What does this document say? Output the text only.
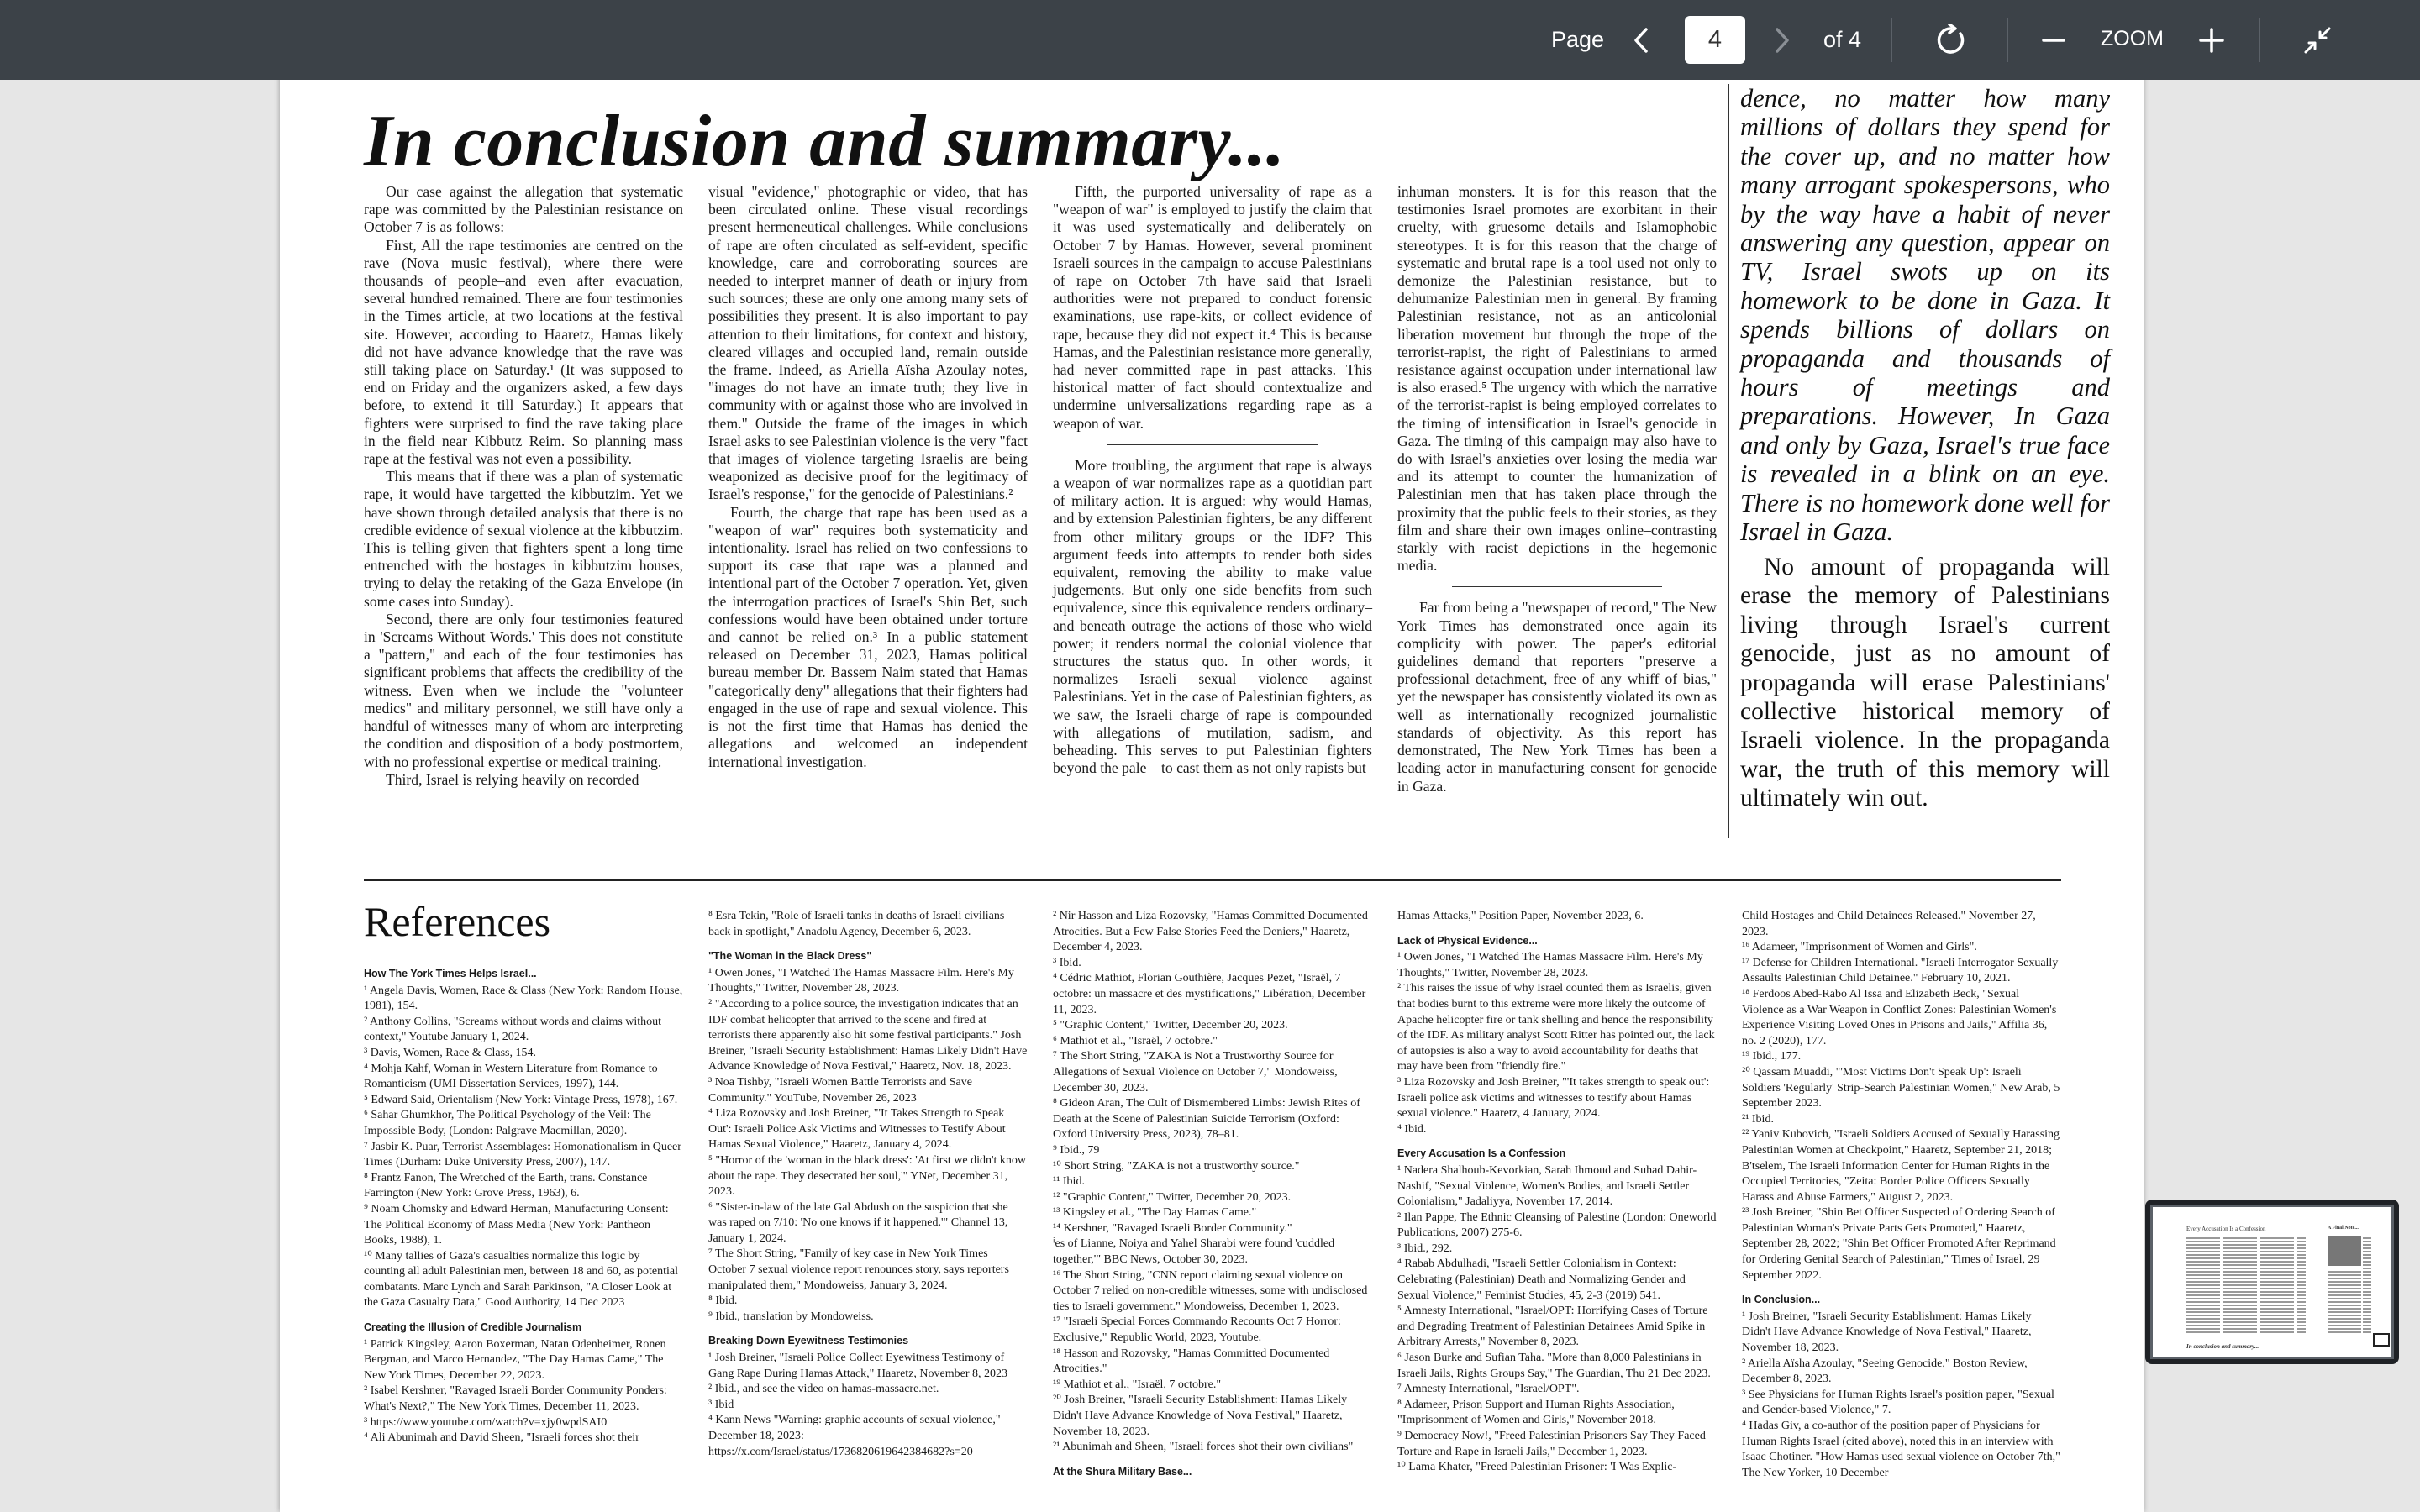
In conclusion and summary...

Our case against the allegation that systematic rape was committed by the Palestinian resistance on October 7 is as follows:

First, All the rape testimonies are centred on the rave (Nova music festival), where there were thousands of people–and even after evacuation, several hundred remained. There are four testimonies in the Times article, at two locations at the festival site. However, according to Haaretz, Hamas likely did not have advance knowledge that the rave was still taking place on Saturday.¹ (It was supposed to end on Friday and the organizers asked, a few days before, to extend it till Saturday.) It appears that fighters were surprised to find the rave taking place in the field near Kibbutz Reim. So planning mass rape at the festival was not even a possibility.

This means that if there was a plan of systematic rape, it would have targetted the kibbutzim. Yet we have shown through detailed analysis that there is no credible evidence of sexual violence at the kibbutzim. This is telling given that fighters spent a long time entrenched with the hostages in kibbutzim houses, trying to delay the retaking of the Gaza Envelope (in some cases into Sunday).

Second, there are only four testimonies featured in 'Screams Without Words.' This does not constitute a "pattern," and each of the four testimonies has significant problems that affects the credibility of the witness. Even when we include the "volunteer medics" and military personnel, we still have only a handful of witnesses–many of whom are interpreting the condition and disposition of a body postmortem, with no professional expertise or medical training.

Third, Israel is relying heavily on recorded

visual "evidence," photographic or video, that has been circulated online. These visual recordings present hermeneutical challenges. While conclusions of rape are often circulated as self-evident, specific knowledge, care and corroborating sources are needed to interpret manner of death or injury from such sources; these are only one among many sets of possibilities they present. It is also important to pay attention to their limitations, for context and history, cleared villages and occupied land, remain outside the frame. Indeed, as Ariella Aïsha Azoulay notes, "images do not have an innate truth; they live in community with or against those who are involved in them." Outside the frame of the images in which Israel asks to see Palestinian violence is the very "fact that images of violence targeting Israelis are being weaponized as decisive proof for the legitimacy of Israel's response," for the genocide of Palestinians.²

Fourth, the charge that rape has been used as a "weapon of war" requires both systematicity and intentionality. Israel has relied on two confessions to support its case that rape was a planned and intentional part of the October 7 operation. Yet, given the interrogation practices of Israel's Shin Bet, such confessions would have been obtained under torture and cannot be relied on.³ In a public statement released on December 31, 2023, Hamas political bureau member Dr. Bassem Naim stated that Hamas "categorically deny" allegations that their fighters had engaged in the use of rape and sexual violence. This is not the first time that Hamas has denied the allegations and welcomed an independent international investigation.

Fifth, the purported universality of rape as a "weapon of war" is employed to justify the claim that it was used systematically and deliberately on October 7 by Hamas. However, several prominent Israeli sources in the campaign to accuse Palestinians of rape on October 7th have said that Israeli authorities were not prepared to conduct forensic examinations, use rape-kits, or collect evidence of rape, because they did not expect it.⁴ This is because Hamas, and the Palestinian resistance more generally, had never committed rape in past attacks. This historical matter of fact should contextualize and undermine universalizations regarding rape as a weapon of war.

More troubling, the argument that rape is always a weapon of war normalizes rape as a quotidian part of military action. It is argued: why would Hamas, and by extension Palestinian fighters, be any different from other military groups—or the IDF? This argument feeds into attempts to render both sides equivalent, removing the ability to make value judgements. But only one side benefits from such equivalence, since this equivalence renders ordinary–and beneath outrage–the actions of those who wield power; it renders normal the colonial violence that structures the status quo. In other words, it normalizes Israeli sexual violence against Palestinians. Yet in the case of Palestinian fighters, as we saw, the Israeli charge of rape is compounded with allegations of mutilation, sadism, and beheading. This serves to put Palestinian fighters beyond the pale—to cast them as not only rapists but

inhuman monsters. It is for this reason that the testimonies Israel promotes are exorbitant in their cruelty, with gruesome details and Islamophobic stereotypes. It is for this reason that the charge of systematic and brutal rape is a tool used not only to demonize the Palestinian resistance, but to dehumanize Palestinian men in general. By framing Palestinian resistance, not as an anticolonial liberation movement but through the trope of the terrorist-rapist, the right of Palestinians to armed resistance against occupation under international law is also erased.⁵ The urgency with which the narrative of the terrorist-rapist is being employed correlates to the timing of intensification in Israel's genocide in Gaza. The timing of this campaign may also have to do with Israel's anxieties over losing the media war and its attempt to counter the humanization of Palestinian men that has taken place through the proximity that the public feels to their stories, as they film and share their own images online–contrasting starkly with racist depictions in the hegemonic media.

Far from being a "newspaper of record," The New York Times has demonstrated once again its complicity with power. The paper's editorial guidelines demand that reporters "preserve a professional detachment, free of any whiff of bias," yet the newspaper has consistently violated its own as well as internationally recognized journalistic standards of objectivity. As this report has demonstrated, The New York Times has been a leading actor in manufacturing consent for genocide in Gaza.

dence, no matter how many millions of dollars they spend for the cover up, and no matter how many arrogant spokespersons, who by the way have a habit of never answering any question, appear on TV, Israel swots up on its homework to be done in Gaza. It spends billions of dollars on propaganda and thousands of hours of meetings and preparations. However, In Gaza and only by Gaza, Israel's true face is revealed in a blink on an eye. There is no homework done well for Israel in Gaza.
No amount of propaganda will erase the memory of Palestinians living through Israel's current genocide, just as no amount of propaganda will erase Palestinians' collective historical memory of Israeli violence. In the propaganda war, the truth of this memory will ultimately win out.
References
How The York Times Helps Israel...
¹ Angela Davis, Women, Race & Class (New York: Random House, 1981), 154.
² Anthony Collins, "Screams without words and claims without context," Youtube January 1, 2024.
³ Davis, Women, Race & Class, 154.
⁴ Mohja Kahf, Woman in Western Literature from Romance to Romanticism (UMI Dissertation Services, 1997), 144.
⁵ Edward Said, Orientalism (New York: Vintage Press, 1978), 167.
⁶ Sahar Ghumkhor, The Political Psychology of the Veil: The Impossible Body, (London: Palgrave Macmillan, 2020).
⁷ Jasbir K. Puar, Terrorist Assemblages: Homonationalism in Queer Times (Durham: Duke University Press, 2007), 147.
⁸ Frantz Fanon, The Wretched of the Earth, trans. Constance Farrington (New York: Grove Press, 1963), 6.
⁹ Noam Chomsky and Edward Herman, Manufacturing Consent: The Political Economy of Mass Media (New York: Pantheon Books, 1988), 1.
¹⁰ Many tallies of Gaza's casualties normalize this logic by counting all adult Palestinian men, between 18 and 60, as potential combatants. Marc Lynch and Sarah Parkinson, "A Closer Look at the Gaza Casualty Data," Good Authority, 14 Dec 2023
Creating the Illusion of Credible Journalism
¹ Patrick Kingsley, Aaron Boxerman, Natan Odenheimer, Ronen Bergman, and Marco Hernandez, "The Day Hamas Came," The New York Times, December 22, 2023.
² Isabel Kershner, "Ravaged Israeli Border Community Ponders: What's Next?," The New York Times, December 11, 2023.
³ https://www.youtube.com/watch?v=xjy0wpdSAI0
⁴ Ali Abunimah and David Sheen, "Israeli forces shot their
⁸ Esra Tekin, "Role of Israeli tanks in deaths of Israeli civilians back in spotlight," Anadolu Agency, December 6, 2023.
"The Woman in the Black Dress"
¹ Owen Jones, "I Watched The Hamas Massacre Film. Here's My Thoughts," Twitter, November 28, 2023.
² "According to a police source, the investigation indicates that an IDF combat helicopter that arrived to the scene and fired at terrorists there apparently also hit some festival participants." Josh Breiner, "Israeli Security Establishment: Hamas Likely Didn't Have Advance Knowledge of Nova Festival," Haaretz, Nov. 18, 2023.
³ Noa Tishby, "Israeli Women Battle Terrorists and Save Community." YouTube, November 26, 2023
⁴ Liza Rozovsky and Josh Breiner, "'It Takes Strength to Speak Out': Israeli Police Ask Victims and Witnesses to Testify About Hamas Sexual Violence," Haaretz, January 4, 2024.
⁵ "Horror of the 'woman in the black dress': 'At first we didn't know about the rape. They desecrated her soul,'" YNet, December 31, 2023.
⁶ "Sister-in-law of the late Gal Abdush on the suspicion that she was raped on 7/10: 'No one knows if it happened.'" Channel 13, January 1, 2024.
⁷ The Short String, "Family of key case in New York Times October 7 sexual violence report renounces story, says reporters manipulated them," Mondoweiss, January 3, 2024.
⁸ Ibid.
⁹ Ibid., translation by Mondoweiss.
Breaking Down Eyewitness Testimonies
¹ Josh Breiner, "Israeli Police Collect Eyewitness Testimony of Gang Rape During Hamas Attack," Haaretz, November 8, 2023
² Ibid., and see the video on hamas-massacre.net.
³ Ibid
⁴ Kann News "Warning: graphic accounts of sexual violence," December 18, 2023: https://x.com/Israel/status/1736820619642384682?s=20
² Nir Hasson and Liza Rozovsky, "Hamas Committed Documented Atrocities. But a Few False Stories Feed the Deniers," Haaretz, December 4, 2023.
³ Ibid.
⁴ Cédric Mathiot, Florian Gouthière, Jacques Pezet, "Israël, 7 octobre: un massacre et des mystifications," Libération, December 11, 2023.
⁵ "Graphic Content," Twitter, December 20, 2023.
⁶ Mathiot et al., "Israël, 7 octobre."
⁷ The Short String, "ZAKA is Not a Trustworthy Source for Allegations of Sexual Violence on October 7," Mondoweiss, December 30, 2023.
⁸ Gideon Aran, The Cult of Dismembered Limbs: Jewish Rites of Death at the Scene of Palestinian Suicide Terrorism (Oxford: Oxford University Press, 2023), 78–81.
⁹ Ibid., 79
¹⁰ Short String, "ZAKA is not a trustworthy source."
¹¹ Ibid.
¹² "Graphic Content," Twitter, December 20, 2023.
¹³ Kingsley et al., "The Day Hamas Came."
¹⁴ Kershner, "Ravaged Israeli Border Community."
ⁱes of Lianne, Noiya and Yahel Sharabi were found 'cuddled together,'" BBC News, October 30, 2023.
¹⁶ The Short String, "CNN report claiming sexual violence on October 7 relied on non-credible witnesses, some with undisclosed ties to Israeli government." Mondoweiss, December 1, 2023.
¹⁷ "Israeli Special Forces Commando Recounts Oct 7 Horror: Exclusive," Republic World, 2023, Youtube.
¹⁸ Hasson and Rozovsky, "Hamas Committed Documented Atrocities."
¹⁹ Mathiot et al., "Israël, 7 octobre."
²⁰ Josh Breiner, "Israeli Security Establishment: Hamas Likely Didn't Have Advance Knowledge of Nova Festival," Haaretz, November 18, 2023.
²¹ Abunimah and Sheen, "Israeli forces shot their own civilians"
At the Shura Military Base...
Hamas Attacks," Position Paper, November 2023, 6.
Lack of Physical Evidence...
¹ Owen Jones, "I Watched The Hamas Massacre Film. Here's My Thoughts," Twitter, November 28, 2023.
² This raises the issue of why Israel counted them as Israelis, given that bodies burnt to this extreme were more likely the outcome of Apache helicopter fire or tank shelling and hence the responsibility of the IDF. As military analyst Scott Ritter has pointed out, the lack of autopsies is also a way to avoid accountability for deaths that may have been from "friendly fire."
³ Liza Rozovsky and Josh Breiner, "'It takes strength to speak out': Israeli police ask victims and witnesses to testify about Hamas sexual violence." Haaretz, 4 January, 2024.
⁴ Ibid.
Every Accusation Is a Confession
¹ Nadera Shalhoub-Kevorkian, Sarah Ihmoud and Suhad Dahir-Nashif, "Sexual Violence, Women's Bodies, and Israeli Settler Colonialism," Jadaliyya, November 17, 2014.
² Ilan Pappe, The Ethnic Cleansing of Palestine (London: Oneworld Publications, 2007) 275-6.
³ Ibid., 292.
⁴ Rabab Abdulhadi, "Israeli Settler Colonialism in Context: Celebrating (Palestinian) Death and Normalizing Gender and Sexual Violence," Feminist Studies, 45, 2-3 (2019) 541.
⁵ Amnesty International, "Israel/OPT: Horrifying Cases of Torture and Degrading Treatment of Palestinian Detainees Amid Spike in Arbitrary Arrests," November 8, 2023.
⁶ Jason Burke and Sufian Taha. "More than 8,000 Palestinians in Israeli Jails, Rights Groups Say," The Guardian, Thu 21 Dec 2023.
⁷ Amnesty International, "Israel/OPT".
⁸ Adameer, Prison Support and Human Rights Association, "Imprisonment of Women and Girls," November 2018.
⁹ Democracy Now!, "Freed Palestinian Prisoners Say They Faced Torture and Rape in Israeli Jails," December 1, 2023.
¹⁰ Lama Khater, "Freed Palestinian Prisoner: 'I Was Explic-
Child Hostages and Child Detainees Released." November 27, 2023.
¹⁶ Adameer, "Imprisonment of Women and Girls".
¹⁷ Defense for Children International. "Israeli Interrogator Sexually Assaults Palestinian Child Detainee." February 10, 2021.
¹⁸ Ferdoos Abed-Rabo Al Issa and Elizabeth Beck, "Sexual Violence as a War Weapon in Conflict Zones: Palestinian Women's Experience Visiting Loved Ones in Prisons and Jails," Affilia 36, no. 2 (2020), 177.
¹⁹ Ibid., 177.
²⁰ Qassam Muaddi, "'Most Victims Don't Speak Up': Israeli Soldiers 'Regularly' Strip-Search Palestinian Women," New Arab, 5 September 2023.
²¹ Ibid.
²² Yaniv Kubovich, "Israeli Soldiers Accused of Sexually Harassing Palestinian Women at Checkpoint," Haaretz, September 21, 2018; B'tselem, The Israeli Information Center for Human Rights in the Occupied Territories, "Zeita: Border Police Officers Sexually Harass and Abuse Farmers," August 2, 2023.
²³ Josh Breiner, "Shin Bet Officer Suspected of Ordering Search of Palestinian Woman's Private Parts Gets Promoted," Haaretz, September 28, 2022; "Shin Bet Officer Promoted After Reprimand for Ordering Genital Search of Palestinian," Times of Israel, 29 September 2022.
In Conclusion...
¹ Josh Breiner, "Israeli Security Establishment: Hamas Likely Didn't Have Advance Knowledge of Nova Festival," Haaretz, November 18, 2023.
² Ariella Aïsha Azoulay, "Seeing Genocide," Boston Review, December 8, 2023.
³ See Physicians for Human Rights Israel's position paper, "Sexual and Gender-based Violence," 7.
⁴ Hadas Giv, a co-author of the position paper of Physicians for Human Rights Israel (cited above), noted this in an interview with Isaac Chotiner. "How Hamas used sexual violence on October 7th," The New Yorker, 10 December
Page
4	of 4	ZOOM
Every Accusation Is a Confession	A Final Note...
In conclusion and summary...
